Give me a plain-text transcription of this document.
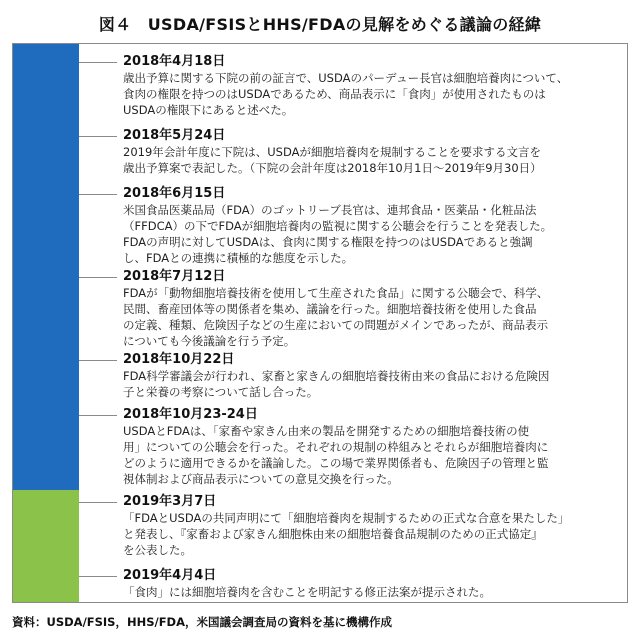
図４　USDA/FSISとHHS/FDAの見解をめぐる議論の経緯
2018年4月18日
歳出予算に関する下院の前の証言で、USDAのパーデュー長官は細胞培養肉について、
食肉の権限を持つのはUSDAであるため、商品表示に「食肉」が使用されたものは
USDAの権限下にあると述べた。
2018年5月24日
2019年会計年度に下院は、USDAが細胞培養肉を規制することを要求する文言を
歳出予算案で表記した。（下院の会計年度は2018年10月1日～2019年9月30日）
2018年6月15日
米国食品医薬品局（FDA）のゴットリーブ長官は、連邦食品・医薬品・化粧品法
（FFDCA）の下でFDAが細胞培養肉の監視に関する公聴会を行うことを発表した。
FDAの声明に対してUSDAは、食肉に関する権限を持つのはUSDAであると強調
し、FDAとの連携に積極的な態度を示した。
2018年7月12日
FDAが「動物細胞培養技術を使用して生産された食品」に関する公聴会で、科学、
民間、畜産団体等の関係者を集め、議論を行った。細胞培養技術を使用した食品
の定義、種類、危険因子などの生産においての問題がメインであったが、商品表示
についても今後議論を行う予定。
2018年10月22日
FDA科学審議会が行われ、家畜と家きんの細胞培養技術由来の食品における危険因
子と栄養の考察について話し合った。
2018年10月23-24日
USDAとFDAは、「家畜や家きん由来の製品を開発するための細胞培養技術の使
用」についての公聴会を行った。それぞれの規制の枠組みとそれらが細胞培養肉に
どのように適用できるかを議論した。この場で業界関係者も、危険因子の管理と監
視体制および商品表示についての意見交換を行った。
2019年3月7日
「FDAとUSDAの共同声明にて「細胞培養肉を規制するための正式な合意を果たした」
と発表し、『家畜および家きん細胞株由来の細胞培養食品規制のための正式協定』
を公表した。
2019年4月4日
「食肉」には細胞培養肉を含むことを明記する修正法案が提示された。
資料：USDA/FSIS，HHS/FDA，米国議会調査局の資料を基に機構作成
